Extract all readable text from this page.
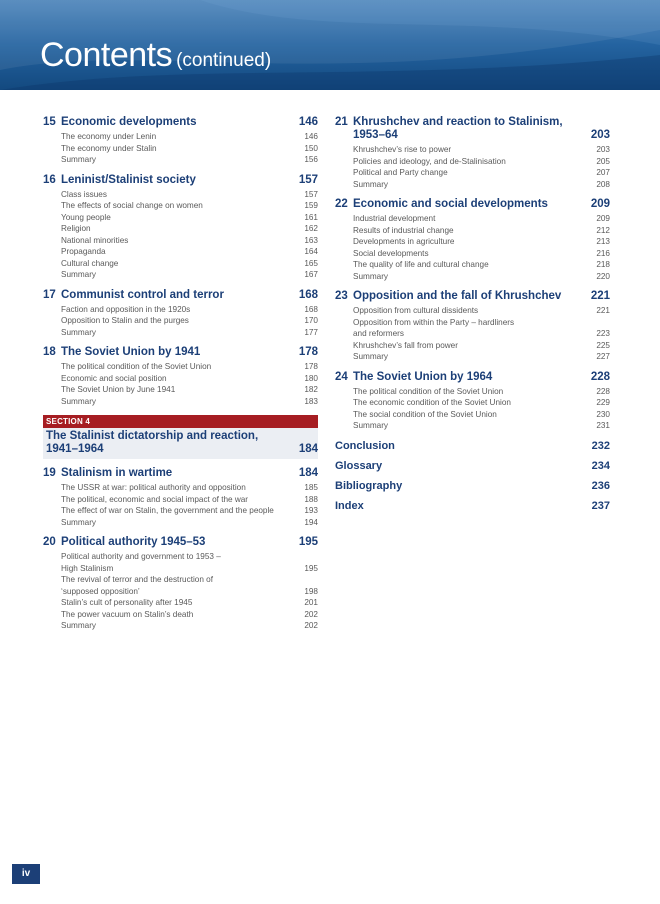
Contents (continued)
15 Economic developments	146
The economy under Lenin	146
The economy under Stalin	150
Summary	156
16 Leninist/Stalinist society	157
Class issues	157
The effects of social change on women	159
Young people	161
Religion	162
National minorities	163
Propaganda	164
Cultural change	165
Summary	167
17 Communist control and terror	168
Faction and opposition in the 1920s	168
Opposition to Stalin and the purges	170
Summary	177
18 The Soviet Union by 1941	178
The political condition of the Soviet Union	178
Economic and social position	180
The Soviet Union by June 1941	182
Summary	183
SECTION 4
The Stalinist dictatorship and reaction,
1941–1964	184
19 Stalinism in wartime	184
The USSR at war: political authority and opposition	185
The political, economic and social impact of the war	188
The effect of war on Stalin, the government and the people	193
Summary	194
20 Political authority 1945–53	195
Political authority and government to 1953 –
High Stalinism	195
The revival of terror and the destruction of
‘supposed opposition’	198
Stalin’s cult of personality after 1945	201
The power vacuum on Stalin’s death	202
Summary	202
21 Khrushchev and reaction to Stalinism,
1953–64	203
Khrushchev’s rise to power	203
Policies and ideology, and de-Stalinisation	205
Political and Party change	207
Summary	208
22 Economic and social developments	209
Industrial development	209
Results of industrial change	212
Developments in agriculture	213
Social developments	216
The quality of life and cultural change	218
Summary	220
23 Opposition and the fall of Khrushchev	221
Opposition from cultural dissidents	221
Opposition from within the Party – hardliners
and reformers	223
Khrushchev’s fall from power	225
Summary	227
24 The Soviet Union by 1964	228
The political condition of the Soviet Union	228
The economic condition of the Soviet Union	229
The social condition of the Soviet Union	230
Summary	231
Conclusion	232
Glossary	234
Bibliography	236
Index	237
iv
